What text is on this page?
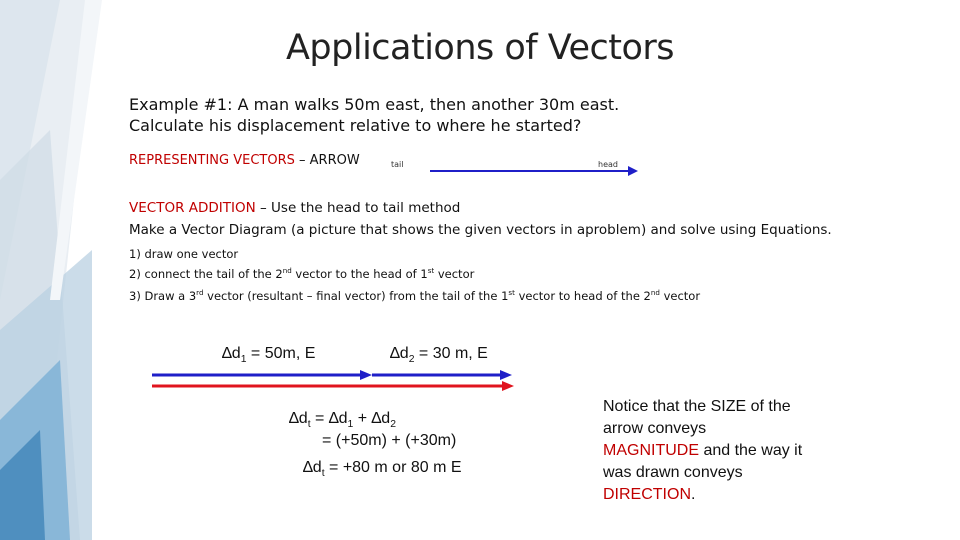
Applications of Vectors
Example #1: A man walks 50m east, then another 30m east.
Calculate his displacement relative to where he started?
REPRESENTING VECTORS – ARROW	tail	head
VECTOR ADDITION – Use the head to tail method
Make a Vector Diagram (a picture that shows the given vectors in aproblem) and solve using Equations.
1) draw one vector
2) connect the tail of the 2nd vector to the head of 1st vector
3) Draw a 3rd vector (resultant – final vector) from the tail of the 1st vector to head of the 2nd vector
$\Delta d_1 = 50m$, E	$\Delta d_2 = 30$ m, E
$\Delta d_t = \Delta d_1 + \Delta d_2$
= (+50m) + (+30m)
$\Delta d_t = +80$ m or 80 m E
Notice that the SIZE of the arrow conveys MAGNITUDE and the way it was drawn conveys DIRECTION.
